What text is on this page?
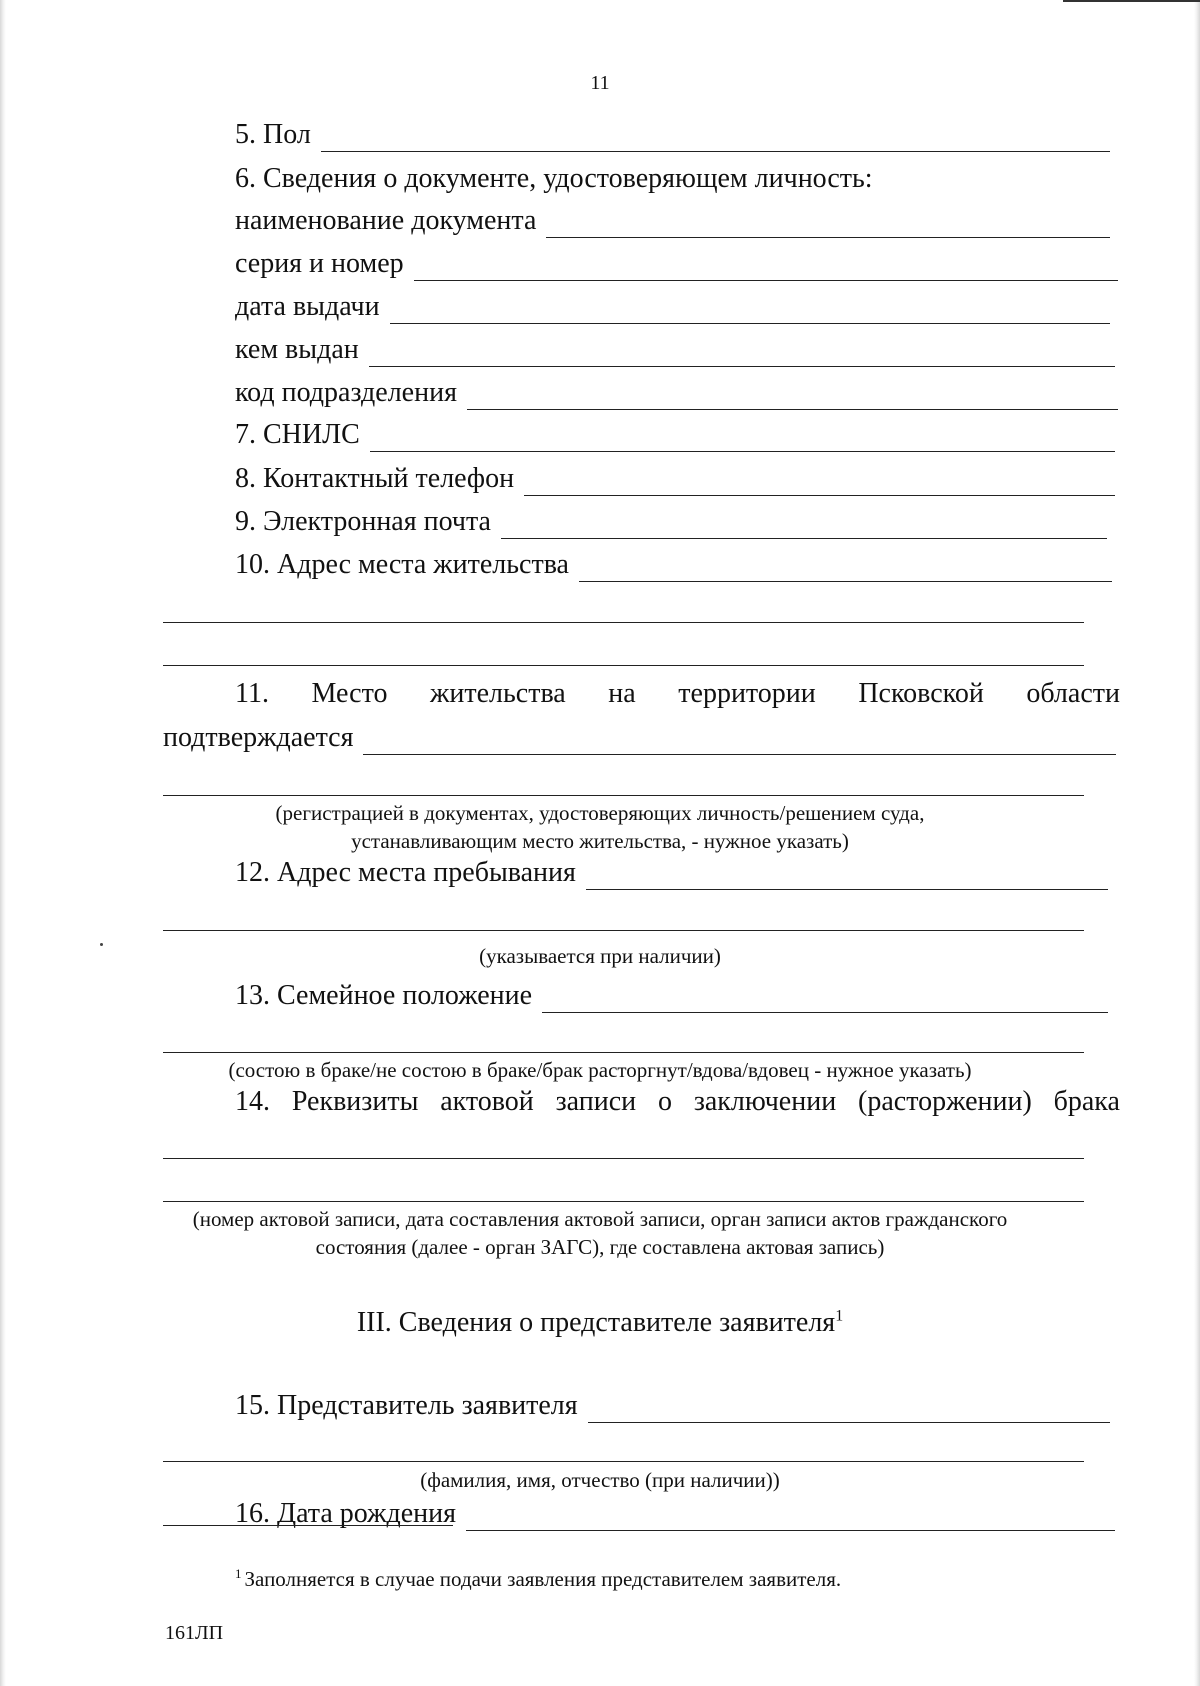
11
5. Пол
6. Сведения о документе, удостоверяющем личность:
наименование документа
серия и номер
дата выдачи
кем выдан
код подразделения
7. СНИЛС
8. Контактный телефон
9. Электронная почта
10. Адрес места жительства
11. Место жительства на территории Псковской области
подтверждается
(регистрацией в документах, удостоверяющих личность/решением суда,
устанавливающим место жительства, - нужное указать)
12. Адрес места пребывания
(указывается при наличии)
13. Семейное положение
(состою в браке/не состою в браке/брак расторгнут/вдова/вдовец - нужное указать)
14. Реквизиты актовой записи о заключении (расторжении) брака
(номер актовой записи, дата составления актовой записи, орган записи актов гражданского
состояния (далее - орган ЗАГС), где составлена актовая запись)
III. Сведения о представителе заявителя$^1$
15. Представитель заявителя
(фамилия, имя, отчество (при наличии))
16. Дата рождения
$^1$ Заполняется в случае подачи заявления представителем заявителя.
161ЛП
